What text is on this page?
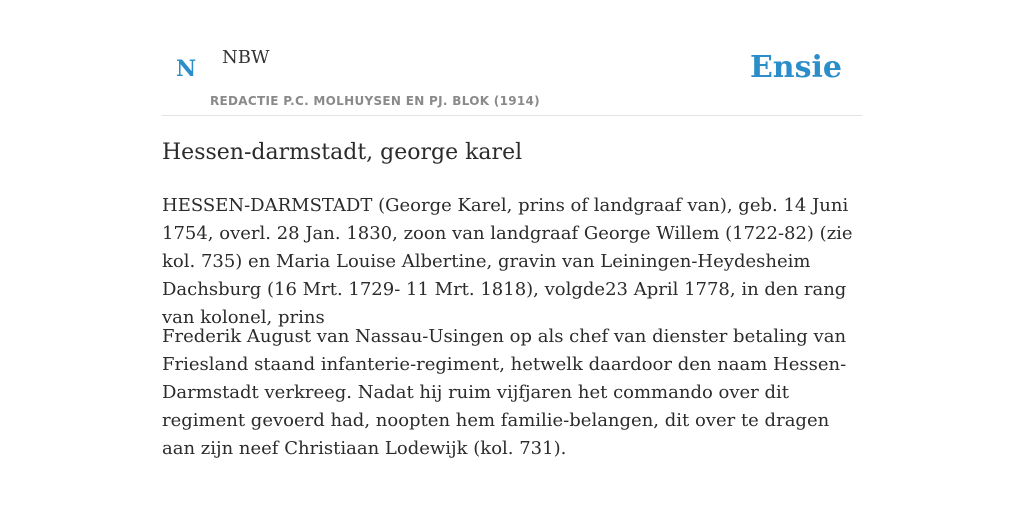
N NBW
REDACTIE P.C. MOLHUYSEN EN PJ. BLOK (1914)
Ensie
Hessen-darmstadt, george karel

HESSEN-DARMSTADT (George Karel, prins of landgraaf van), geb. 14 Juni 1754, overl. 28 Jan. 1830, zoon van landgraaf George Willem (1722-82) (zie kol. 735) en Maria Louise Albertine, gravin van Leiningen-Heydesheim Dachsburg (16 Mrt. 1729- 11 Mrt. 1818), volgde23 April 1778, in den rang van kolonel, prins

Frederik August van Nassau-Usingen op als chef van dienster betaling van Friesland staand infanterie-regiment, hetwelk daardoor den naam Hessen-Darmstadt verkreeg. Nadat hij ruim vijfjaren het commando over dit regiment gevoerd had, noopten hem familie-belangen, dit over te dragen aan zijn neef Christiaan Lodewijk (kol. 731).
